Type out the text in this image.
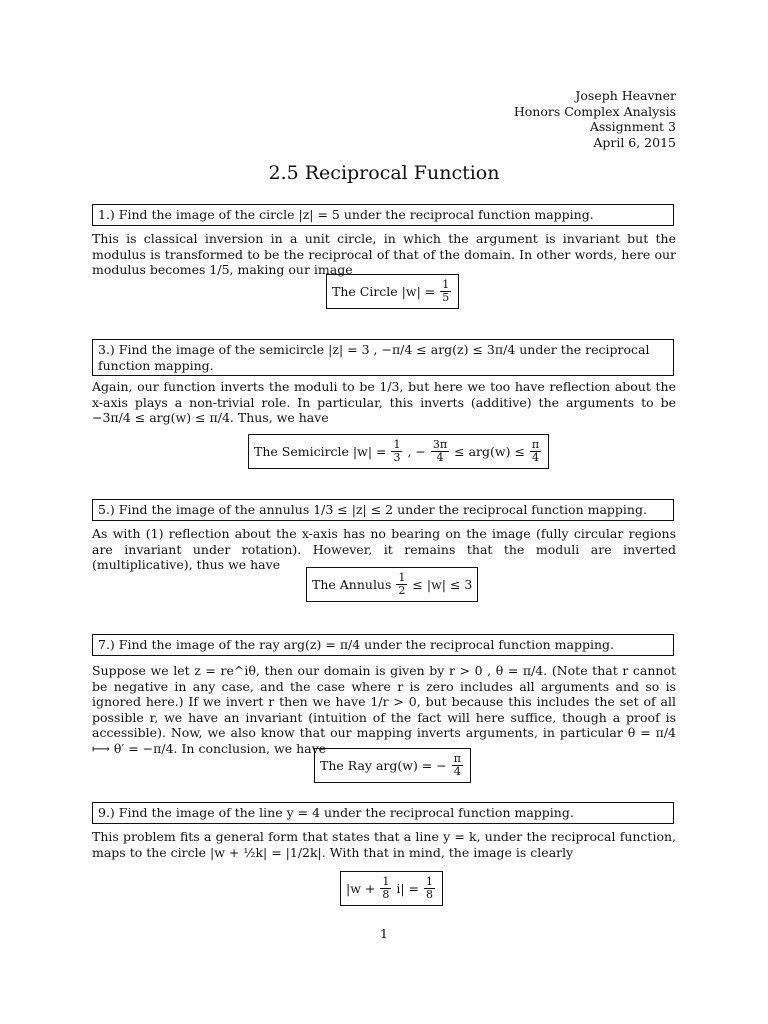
Joseph Heavner
Honors Complex Analysis
Assignment 3
April 6, 2015
2.5 Reciprocal Function
1.) Find the image of the circle |z| = 5 under the reciprocal function mapping.
This is classical inversion in a unit circle, in which the argument is invariant but the modulus is transformed to be the reciprocal of that of the domain. In other words, here our modulus becomes 1/5, making our image
The Circle $|w| = \frac{1}{5}$
3.) Find the image of the semicircle |z| = 3 , −π/4 ≤ arg(z) ≤ 3π/4 under the reciprocal function mapping.
Again, our function inverts the moduli to be 1/3, but here we too have reflection about the x-axis plays a non-trivial role. In particular, this inverts (additive) the arguments to be −3π/4 ≤ arg(w) ≤ π/4. Thus, we have
The Semicircle $|w| = \frac{1}{3}$ , − $\frac{3\pi}{4} \le arg(w) \le \frac{\pi}{4}$
5.) Find the image of the annulus 1/3 ≤ |z| ≤ 2 under the reciprocal function mapping.
As with (1) reflection about the x-axis has no bearing on the image (fully circular regions are invariant under rotation). However, it remains that the moduli are inverted (multiplicative), thus we have
The Annulus $\frac{1}{2} \le |w| \le 3$
7.) Find the image of the ray arg(z) = π/4 under the reciprocal function mapping.
Suppose we let z = re^iθ, then our domain is given by r > 0 , θ = π/4. (Note that r cannot be negative in any case, and the case where r is zero includes all arguments and so is ignored here.) If we invert r then we have 1/r > 0, but because this includes the set of all possible r, we have an invariant (intuition of the fact will here suffice, though a proof is accessible). Now, we also know that our mapping inverts arguments, in particular θ = π/4 ⟼ θ′ = −π/4. In conclusion, we have
The Ray arg(w) = − $\frac{\pi}{4}$
9.) Find the image of the line y = 4 under the reciprocal function mapping.
This problem fits a general form that states that a line y = k, under the reciprocal function, maps to the circle |w + ½k| = |1/2k|. With that in mind, the image is clearly
$|w + \frac{1}{8} i| = \frac{1}{8}$
1
